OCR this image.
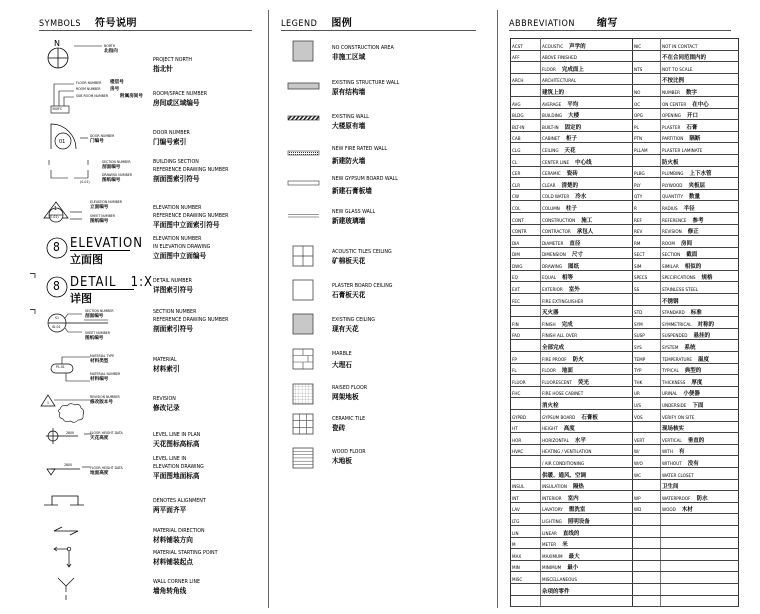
SYMBOLS 符号说明
N	NORTH
北指向
PROJECT NORTH
指北针
300FC
FLOOR NUMBER
ROOM NUMBER
SUB ROOM NUMBER
楼层号
房号
附属房间号 ROOM/SPACE NUMBER
房间或区域编号
01
DOOR NUMBER
门编号
DOOR NUMBER
门编号索引
(S-01)
SECTION NUMBER
剖面编号
DRAWING NUMBER
图纸编号
BUILDING SECTION
REFERENCE DRAWING NUMBER
剖面图索引符号
1
(E-01)
ELEVATION NUMBER
立面编号
SHEET NUMBER
图纸编号
ELEVATION NUMBER
REFERENCE DRAWING NUMBER
平面图中立面索引符号
8 ELEVATION
立面图
ELEVATION NUMBER
IN ELEVATION DRAWING
立面图中立面编号
8 DETAIL   1:X
详图
DETAIL NUMBER
详图索引符号
S1
ID-01
SECTION NUMBER
剖面编号
SHEET NUMBER
图纸编号
SECTION NUMBER
REFERENCE DRAWING NUMBER
剖面索引符号
PL-01
MATERIAL TYPE
材料类型
MATERIAL NUMBER
材料编号
MATERIAL
材料索引
1
REVISION NUMBER
修改版本号
REVISION
修改记录
2800	FLOOR HEIGHT DATA
天花高度
LEVEL LINE IN PLAN
天花图标高标高
2800
FLOOR HEIGHT DATA
地面高度
LEVEL LINE IN
ELEVATION DRAWING
平面图地面标高
DENOTES ALIGNMENT
两平面齐平
MATERIAL DIRECTION
材料铺装方向
MATERIAL STARTING POINT
材料铺装起点
WALL CORNER LINE
墙角转角线
LEGEND 图例
NO CONSTRUCTION AREA
非施工区域
EXISTING STRUCTURE WALL
原有结构墙
EXISTING WALL
大楼原有墙
NEW FIRE RATED WALL
新建防火墙
NEW GYPSUM BOARD WALL
新建石膏板墙
NEW GLASS WALL
新建玻璃墙
ACOUSTIC TILES CEILING
矿棉板天花
PLASTER BOARD CEILING
石膏板天花
EXISTING CEILING
现有天花
MARBLE
大理石
RAISED FLOOR
网架地板
CERAMIC TILE
瓷砖
WOOD FLOOR
木地板
ABBREVIATION 缩写
ACST	ACOUSTIC 声学的	NIC	NOT IN CONTACT
AFF	ABOVE FINISHED		不在合同范围内的
	FLOOR 完成面上	NTS	NOT TO SCALE
ARCH	ARCHITECTURAL		不按比例
	建筑上的	NO	NUMBER 数字
AVG	AVERAGE 平均	OC	ON CENTER 在中心
BLDG	BUILDING 大楼	OPG	OPENING 开口
BLT-IN	BUILT-IN 固定的	PL	PLASTER 石膏
CAB	CABINET 柜子	PTN	PARTITION 隔断
CLG	CEILING 天花	PLLAM	PLASTER LAMINATE
CL	CENTER LINE 中心线		防火板
CER	CERAMIC 瓷砖	PLBG	PLUMBING 上下水管
CLR	CLEAR 清楚的	PLY	PLYWOOD 夹板层
CW	COLD WATER 冷水	QTY	QUANTITY 数量
COL	COLUMN 柱子	R	RADIUS 半径
CONT	CONSTRUCTION 施工	REF	REFERENCE 参考
CONTR	CONTRACTOR 承包人	REV	REVISION 修正
DIA	DIAMETER 直径	RM	ROOM 房间
DIM	DIMENSION 尺寸	SECT	SECTION 截面
DWG	DRAWING 图纸	SIM	SIMILAR 相似的
EQ	EQUAL 相等	SPECS	SPECIFICATIONS 规格
EXT	EXTERIOR 室外	SS	STAINLESS STEEL
FEC	FIRE EXTINGUISHER		不锈钢
	灭火器	STD	STANDARD 标准
FIN	FINISH 完成	SYM	SYMMETRICAL 对称的
FAO	FINISH ALL OVER	SUSP	SUSPENDED 悬挂的
	全部完成	SYS	SYSTEM 系统
FP	FIRE PROOF 防火	TEMP	TEMPERATURE 温度
FL	FLOOR 地面	TYP	TYPICAL 典型的
FLUOR	FLUORESCENT 荧光	THK	THICKNESS 厚度
FHC	FIRE HOSE CABINET	UR	URINAL 小便器
	消火栓	U/S	UNDERSIDE 下面
GYPBD	GYPSUM BOARD 石膏板	VOS	VERIFY ON SITE
HT	HEIGHT 高度		现场核实
HOR	HORIZONTAL 水平	VERT	VERTICAL 垂直的
HVAC	HEATING / VENTILATION	W/	WITH 有
	/ AIR CONDITIONING	W/O	WITHOUT 没有
	供暖、通风、空调	WC	WATER CLOSET
INSUL	INSULATION 隔热		卫生间
INT	INTERIOR 室内	WP	WATERPROOF 防水
LAV	LAVATORY 盥洗室	WD	WOOD 木材
LTG	LIGHTING 照明设备		
LIN	LINEAR 直线的		
M	METER 米		
MAX	MAXIMUM 最大		
MIN	MINIMUM 最小		
MISC	MISCELLANEOUS		
	杂项的零件		
